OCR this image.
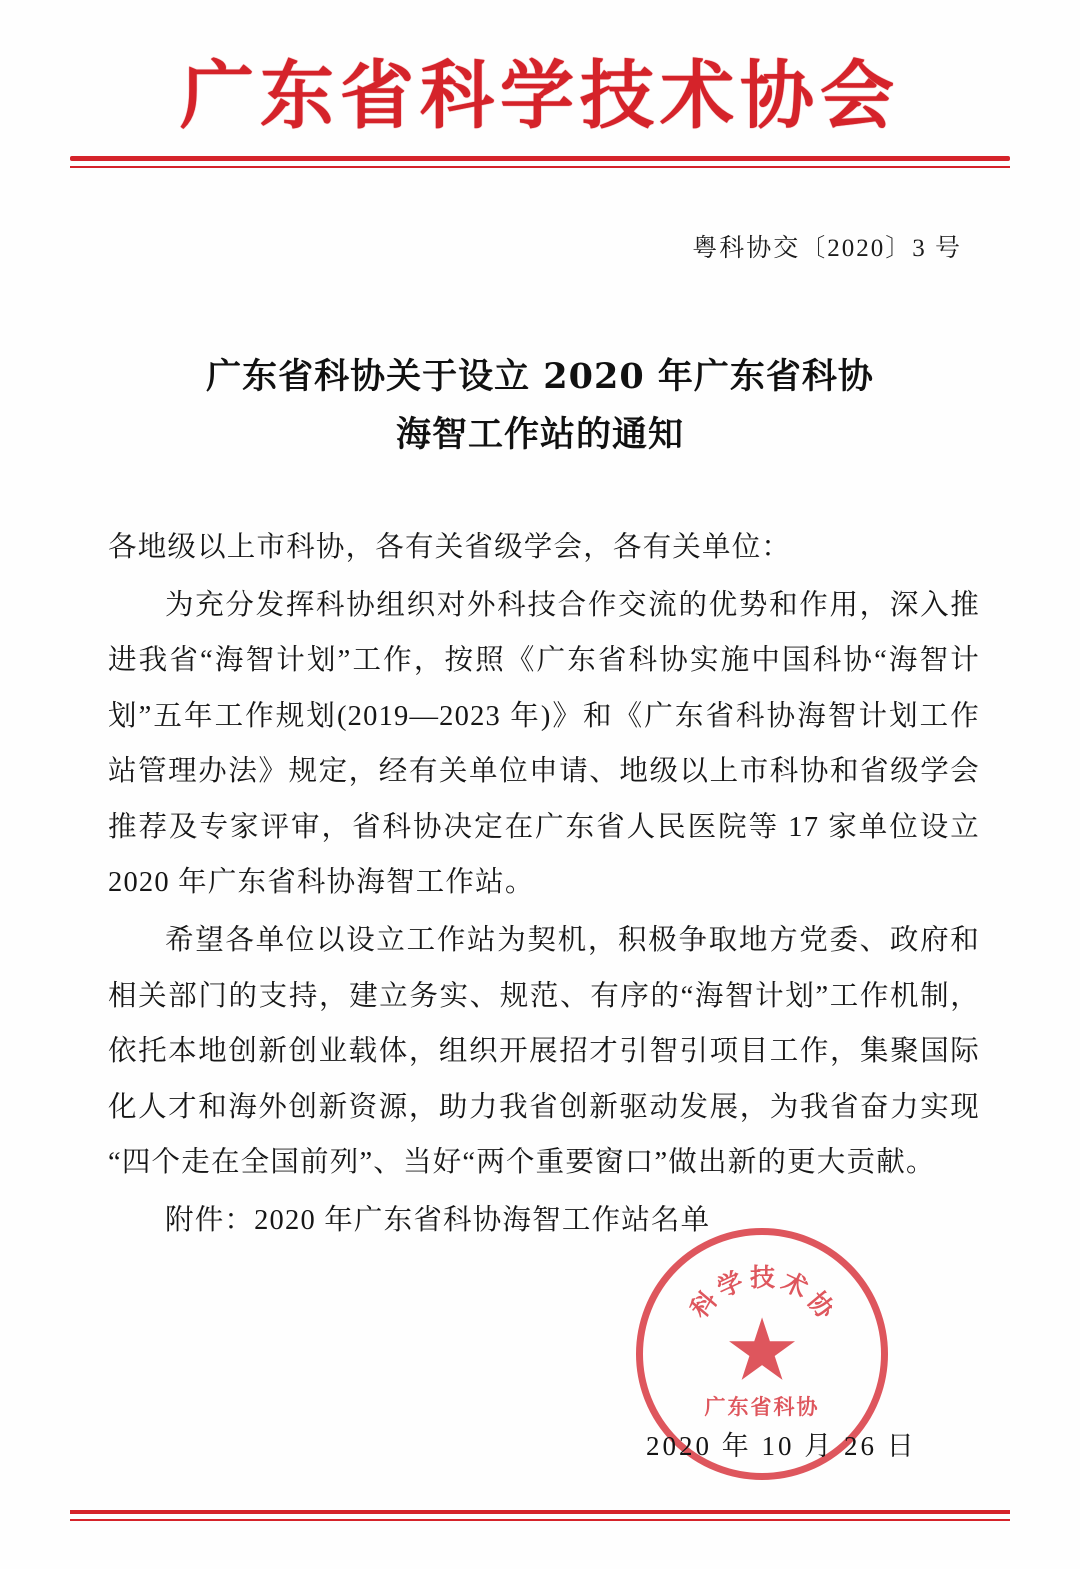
广东省科学技术协会
粤科协交〔2020〕3 号
广东省科协关于设立 2020 年广东省科协
海智工作站的通知

各地级以上市科协，各有关省级学会，各有关单位：

为充分发挥科协组织对外科技合作交流的优势和作用，深入推进我省“海智计划”工作，按照《广东省科协实施中国科协“海智计划”五年工作规划(2019—2023 年)》和《广东省科协海智计划工作站管理办法》规定，经有关单位申请、地级以上市科协和省级学会推荐及专家评审，省科协决定在广东省人民医院等 17 家单位设立 2020 年广东省科协海智工作站。

希望各单位以设立工作站为契机，积极争取地方党委、政府和相关部门的支持，建立务实、规范、有序的“海智计划”工作机制，依托本地创新创业载体，组织开展招才引智引项目工作，集聚国际化人才和海外创新资源，助力我省创新驱动发展，为我省奋力实现“四个走在全国前列”、当好“两个重要窗口”做出新的更大贡献。

附件：2020 年广东省科协海智工作站名单

科
学 技 术
协
★
广东省科协
2020 年 10 月 26 日
